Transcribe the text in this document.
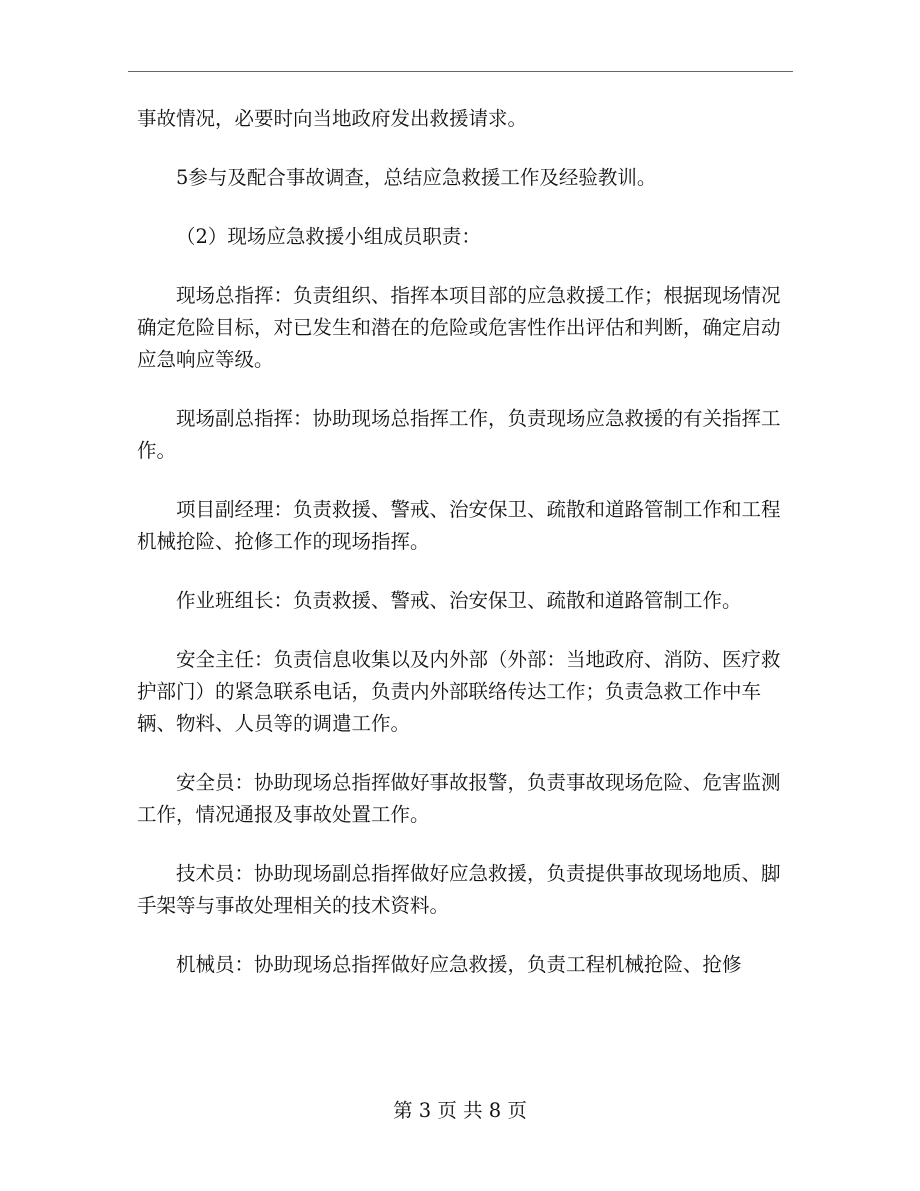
事故情况，必要时向当地政府发出救援请求。

5参与及配合事故调查，总结应急救援工作及经验教训。

（2）现场应急救援小组成员职责：

现场总指挥：负责组织、指挥本项目部的应急救援工作；根据现场情况确定危险目标，对已发生和潜在的危险或危害性作出评估和判断，确定启动应急响应等级。

现场副总指挥：协助现场总指挥工作，负责现场应急救援的有关指挥工作。

项目副经理：负责救援、警戒、治安保卫、疏散和道路管制工作和工程机械抢险、抢修工作的现场指挥。

作业班组长：负责救援、警戒、治安保卫、疏散和道路管制工作。

安全主任：负责信息收集以及内外部（外部：当地政府、消防、医疗救护部门）的紧急联系电话，负责内外部联络传达工作；负责急救工作中车辆、物料、人员等的调遣工作。

安全员：协助现场总指挥做好事故报警，负责事故现场危险、危害监测工作，情况通报及事故处置工作。

技术员：协助现场副总指挥做好应急救援，负责提供事故现场地质、脚手架等与事故处理相关的技术资料。

机械员：协助现场总指挥做好应急救援，负责工程机械抢险、抢修

第 3 页 共 8 页
